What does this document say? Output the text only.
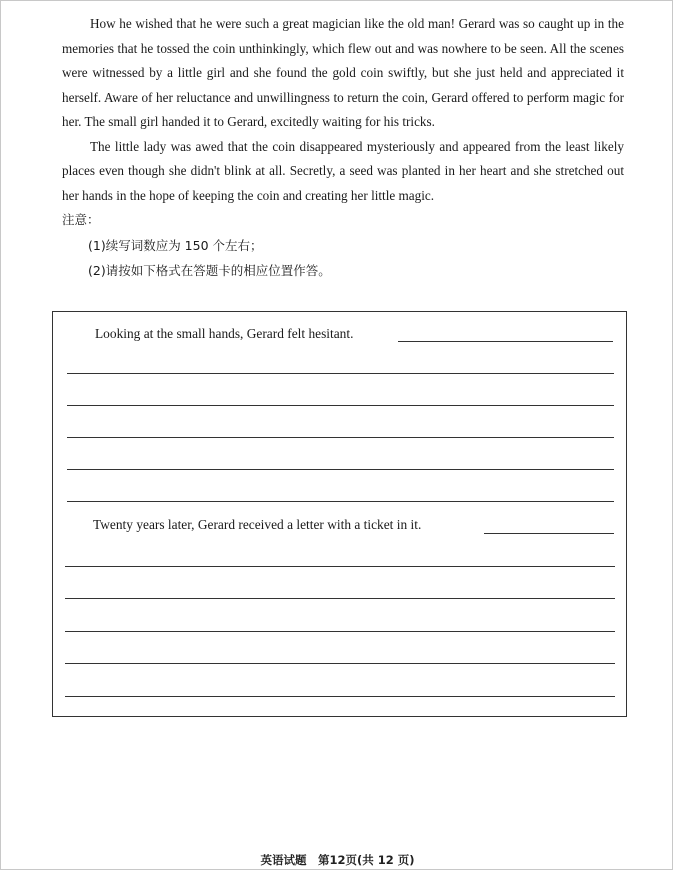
How he wished that he were such a great magician like the old man! Gerard was so caught up in the memories that he tossed the coin unthinkingly, which flew out and was nowhere to be seen. All the scenes were witnessed by a little girl and she found the gold coin swiftly, but she just held and appreciated it herself. Aware of her reluctance and unwillingness to return the coin, Gerard offered to perform magic for her. The small girl handed it to Gerard, excitedly waiting for his tricks.

The little lady was awed that the coin disappeared mysteriously and appeared from the least likely places even though she didn't blink at all. Secretly, a seed was planted in her heart and she stretched out her hands in the hope of keeping the coin and creating her little magic.

注意：

(1)续写词数应为 150 个左右；

(2)请按如下格式在答题卡的相应位置作答。

Looking at the small hands, Gerard felt hesitant.
Twenty years later, Gerard received a letter with a ticket in it.
英语试题　第12页(共 12 页)
